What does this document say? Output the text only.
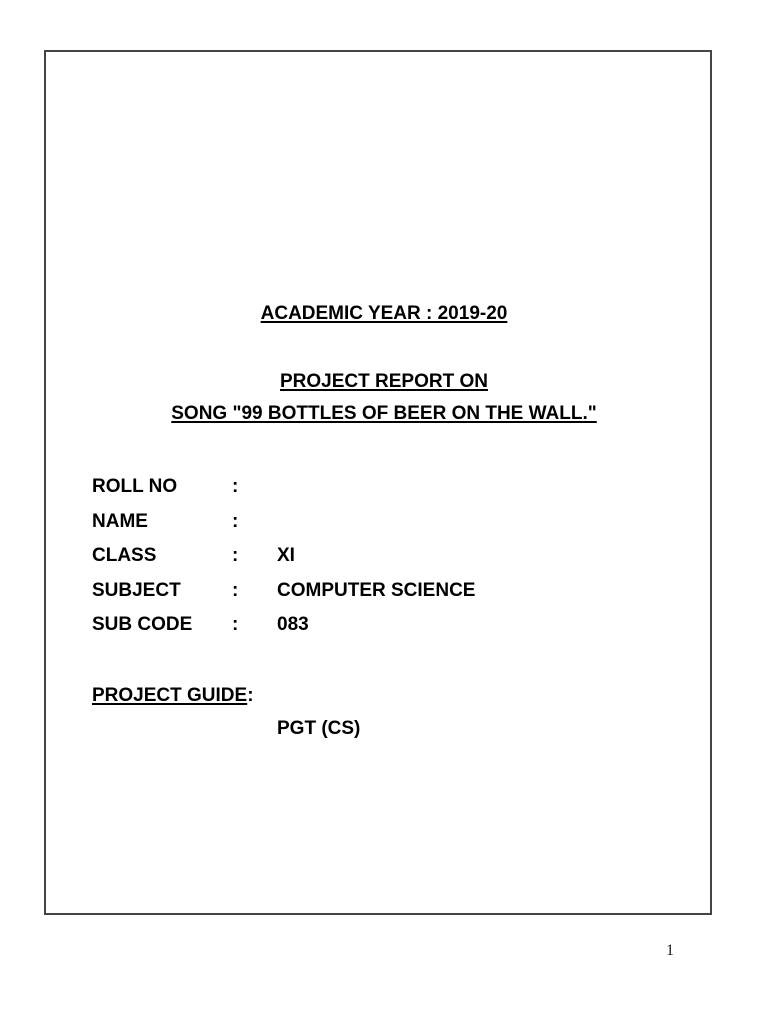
ACADEMIC YEAR : 2019-20
PROJECT REPORT ON
SONG "99 BOTTLES OF BEER ON THE WALL."
ROLL NO	:
NAME	:
CLASS	:	XI
SUBJECT	:	COMPUTER SCIENCE
SUB CODE	:	083
PROJECT GUIDE:
PGT (CS)
1
